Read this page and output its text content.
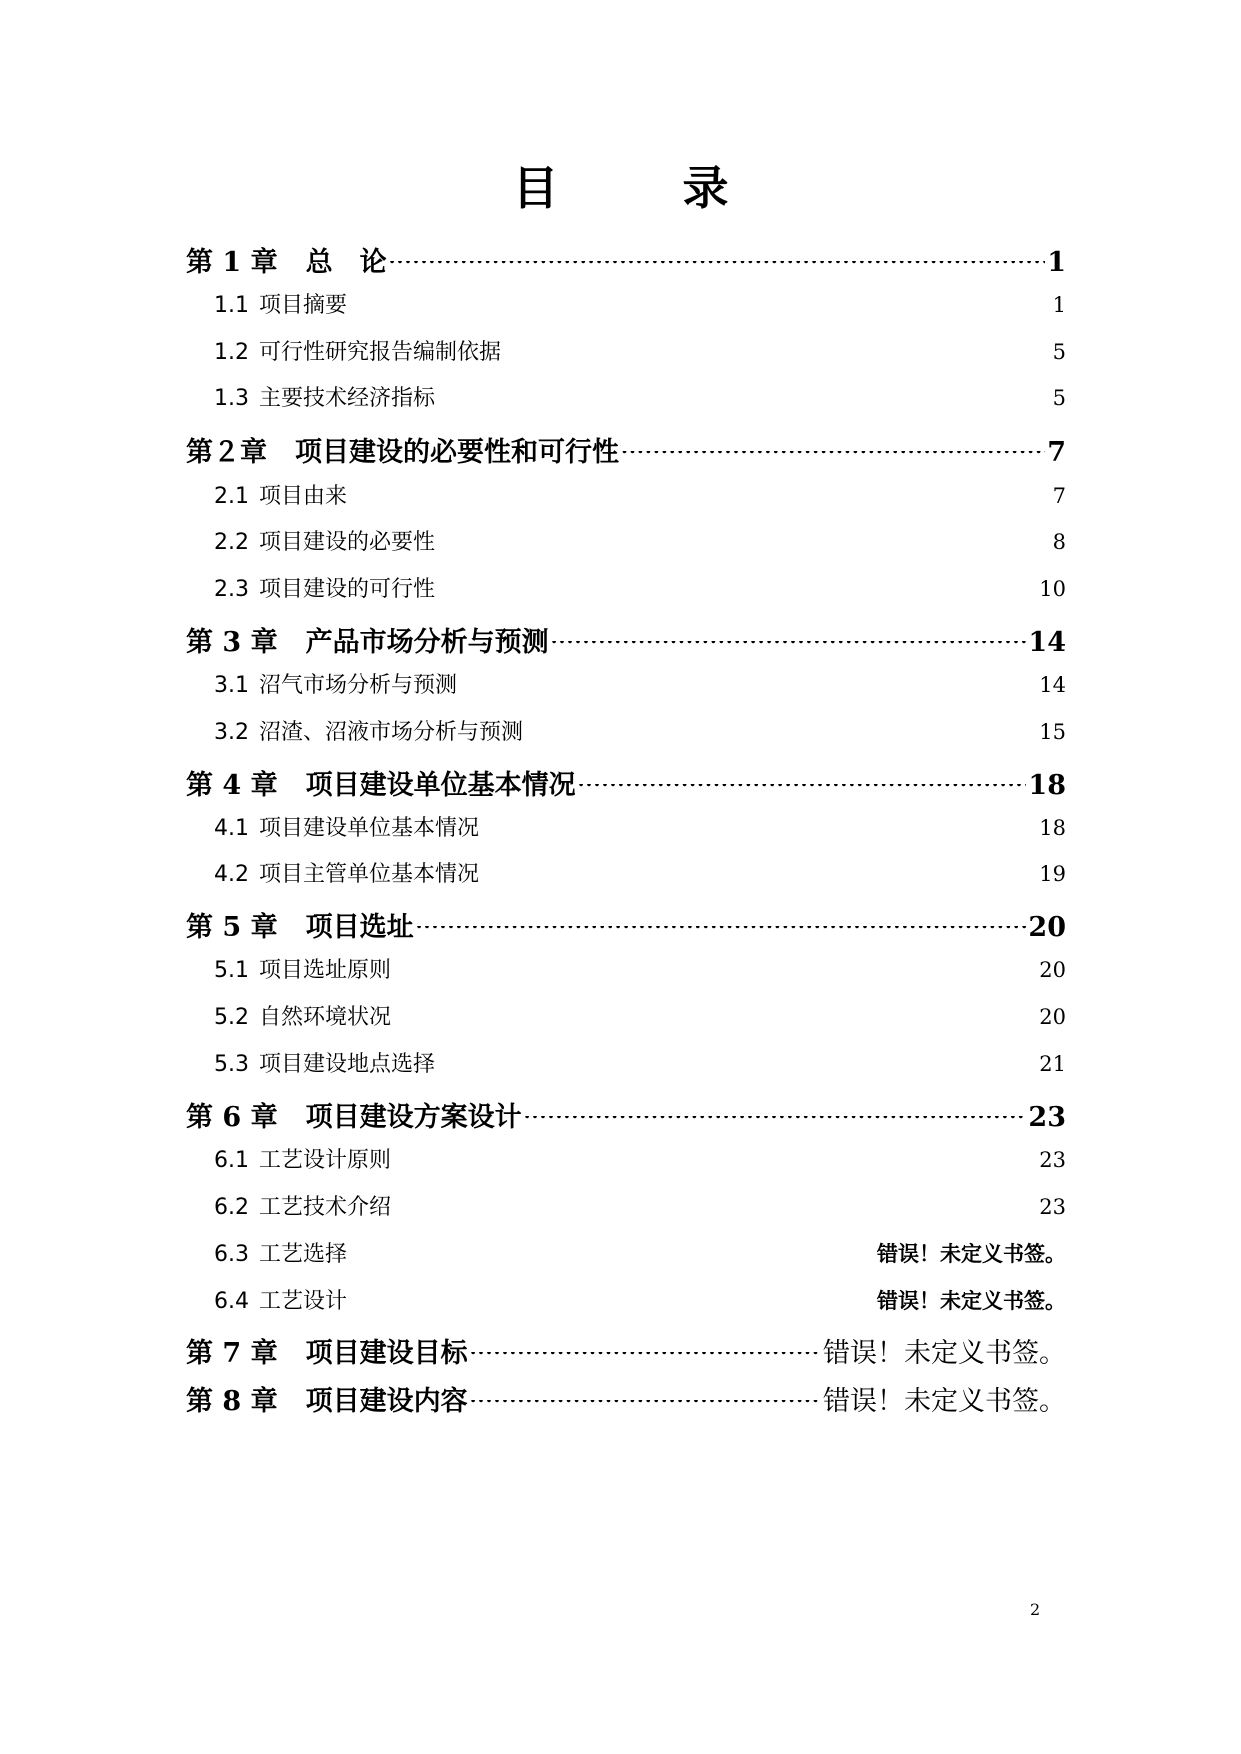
目 录
第 1 章 总　论 .....	1
1.1 项目摘要 .....	1
1.2 可行性研究报告编制依据 .....	5
1.3 主要技术经济指标 .....	5
第２章 项目建设的必要性和可行性 .....	7
2.1 项目由来 .....	7
2.2 项目建设的必要性 .....	8
2.3 项目建设的可行性 .....	10
第 3 章 产品市场分析与预测 .....	14
3.1 沼气市场分析与预测 .....	14
3.2 沼渣、沼液市场分析与预测 .....	15
第 4 章 项目建设单位基本情况 .....	18
4.1 项目建设单位基本情况 .....	18
4.2 项目主管单位基本情况 .....	19
第 5 章 项目选址 .....	20
5.1 项目选址原则 .....	20
5.2 自然环境状况 .....	20
5.3 项目建设地点选择 .....	21
第 6 章 项目建设方案设计 .....	23
6.1 工艺设计原则 .....	23
6.2 工艺技术介绍 .....	23
6.3 工艺选择 .....	错误！未定义书签。
6.4 工艺设计 .....	错误！未定义书签。
第 7 章 项目建设目标 .....	错误！未定义书签。
第 8 章 项目建设内容 .....	错误！未定义书签。
2
